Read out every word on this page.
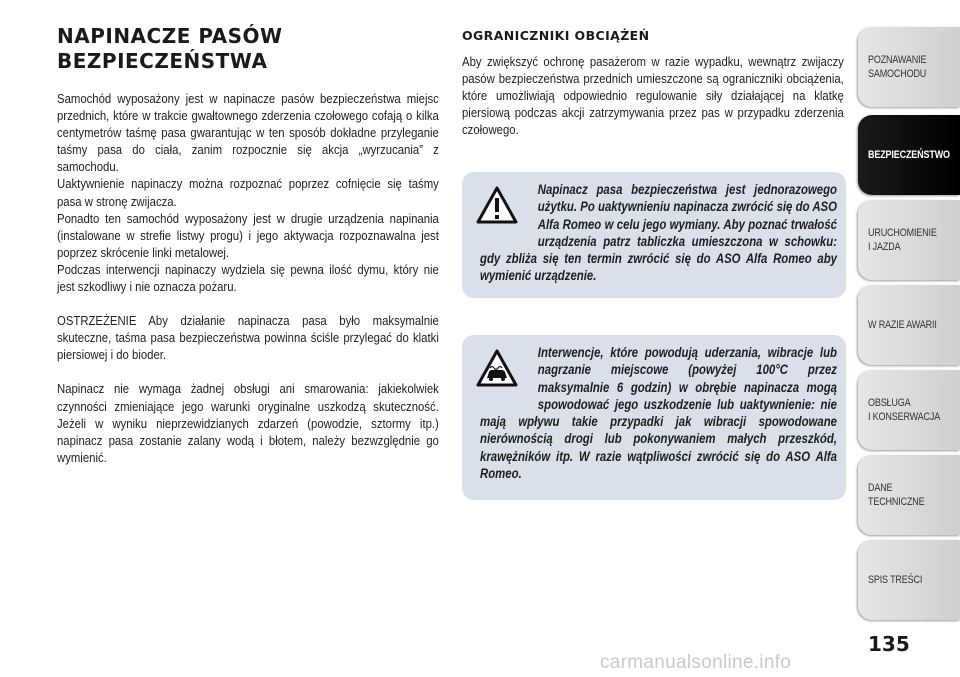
NAPINACZE PASÓW
BEZPIECZEŃSTWA

Samochód wyposażony jest w napinacze pasów bezpieczeństwa miejsc przednich, które w trakcie gwałtownego zderzenia czołowego cofają o kilka centymetrów taśmę pasa gwarantując w ten sposób dokładne przyleganie taśmy pasa do ciała, zanim rozpocznie się akcja „wyrzucania” z samochodu.

Uaktywnienie napinaczy można rozpoznać poprzez cofnięcie się taśmy pasa w stronę zwijacza.

Ponadto ten samochód wyposażony jest w drugie urządzenia napinania (instalowane w strefie listwy progu) i jego aktywacja rozpoznawalna jest poprzez skrócenie linki metalowej.

Podczas interwencji napinaczy wydziela się pewna ilość dymu, który nie jest szkodliwy i nie oznacza pożaru.

OSTRZEŻENIE Aby działanie napinacza pasa było maksymalnie skuteczne, taśma pasa bezpieczeństwa powinna ściśle przylegać do klatki piersiowej i do bioder.

Napinacz nie wymaga żadnej obsługi ani smarowania: jakiekolwiek czynności zmieniające jego warunki oryginalne uszkodzą skuteczność. Jeżeli w wyniku nieprzewidzianych zdarzeń (powodzie, sztormy itp.) napinacz pasa zostanie zalany wodą i błotem, należy bezwzględnie go wymienić.

OGRANICZNIKI OBCIĄŻEŃ

Aby zwiększyć ochronę pasażerom w razie wypadku, wewnątrz zwijaczy pasów bezpieczeństwa przednich umieszczone są ograniczniki obciążenia, które umożliwiają odpowiednio regulowanie siły działającej na klatkę piersiową podczas akcji zatrzymywania przez pas w przypadku zderzenia czołowego.

Napinacz pasa bezpieczeństwa jest jednorazowego użytku. Po uaktywnieniu napinacza zwrócić się do ASO Alfa Romeo w celu jego wymiany. Aby poznać trwałość urządzenia patrz tabliczka umieszczona w schowku: gdy zbliża się ten termin zwrócić się do ASO Alfa Romeo aby wymienić urządzenie.
Interwencje, które powodują uderzania, wibracje lub nagrzanie miejscowe (powyżej 100°C przez maksymalnie 6 godzin) w obrębie napinacza mogą spowodować jego uszkodzenie lub uaktywnienie: nie mają wpływu takie przypadki jak wibracji spowodowane nierównością drogi lub pokonywaniem małych przeszkód, krawężników itp. W razie wątpliwości zwrócić się do ASO Alfa Romeo.
POZNAWANIE
SAMOCHODU
BEZPIECZEŃSTWO
URUCHOMIENIE
I JAZDA
W RAZIE AWARII
OBSŁUGA
I KONSERWACJA
DANE
TECHNICZNE
SPIS TREŚCI
135
carmanualsonline.info
